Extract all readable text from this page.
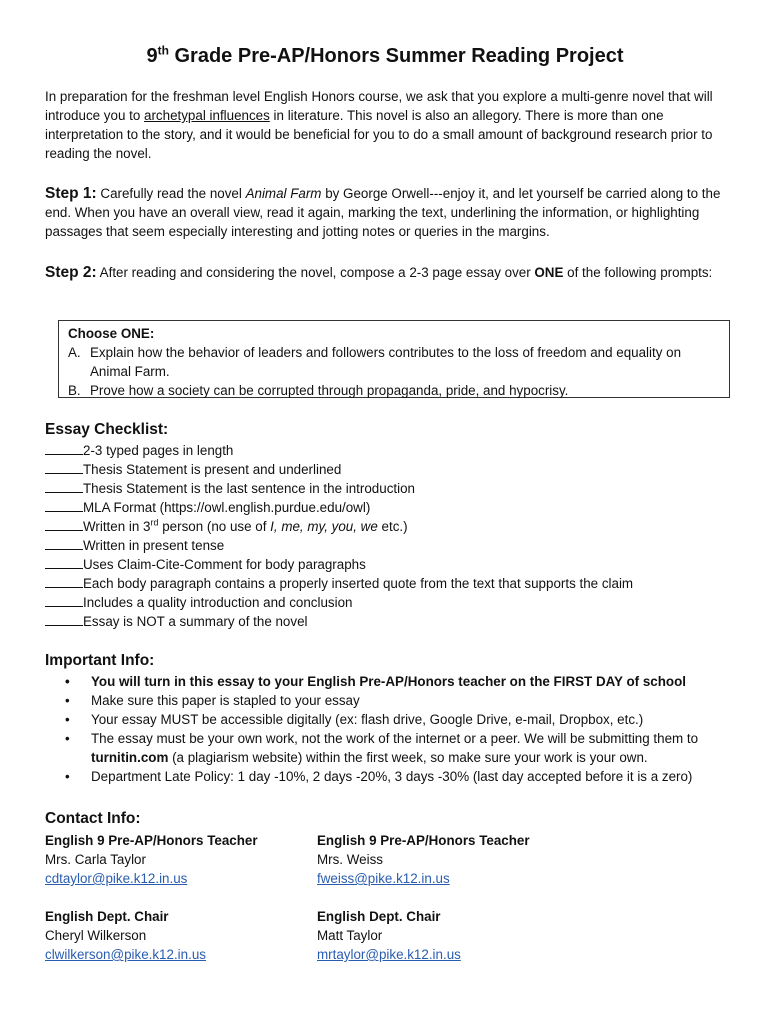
9th Grade Pre-AP/Honors Summer Reading Project

In preparation for the freshman level English Honors course, we ask that you explore a multi-genre novel that will introduce you to archetypal influences in literature. This novel is also an allegory. There is more than one interpretation to the story, and it would be beneficial for you to do a small amount of background research prior to reading the novel.

Step 1: Carefully read the novel Animal Farm by George Orwell---enjoy it, and let yourself be carried along to the end. When you have an overall view, read it again, marking the text, underlining the information, or highlighting passages that seem especially interesting and jotting notes or queries in the margins.

Step 2: After reading and considering the novel, compose a 2-3 page essay over ONE of the following prompts:

Choose ONE:
A. Explain how the behavior of leaders and followers contributes to the loss of freedom and equality on Animal Farm.
B. Prove how a society can be corrupted through propaganda, pride, and hypocrisy.
Essay Checklist:
2-3 typed pages in length
Thesis Statement is present and underlined
Thesis Statement is the last sentence in the introduction
MLA Format (https://owl.english.purdue.edu/owl)
Written in 3rd person (no use of I, me, my, you, we etc.)
Written in present tense
Uses Claim-Cite-Comment for body paragraphs
Each body paragraph contains a properly inserted quote from the text that supports the claim
Includes a quality introduction and conclusion
Essay is NOT a summary of the novel
Important Info:
• You will turn in this essay to your English Pre-AP/Honors teacher on the FIRST DAY of school
• Make sure this paper is stapled to your essay
• Your essay MUST be accessible digitally (ex: flash drive, Google Drive, e-mail, Dropbox, etc.)
• The essay must be your own work, not the work of the internet or a peer. We will be submitting them to turnitin.com (a plagiarism website) within the first week, so make sure your work is your own.
• Department Late Policy: 1 day -10%, 2 days -20%, 3 days -30% (last day accepted before it is a zero)
Contact Info:
English 9 Pre-AP/Honors Teacher
Mrs. Carla Taylor
cdtaylor@pike.k12.in.us
English 9 Pre-AP/Honors Teacher
Mrs. Weiss
fweiss@pike.k12.in.us
English Dept. Chair
Cheryl Wilkerson
clwilkerson@pike.k12.in.us
English Dept. Chair
Matt Taylor
mrtaylor@pike.k12.in.us
